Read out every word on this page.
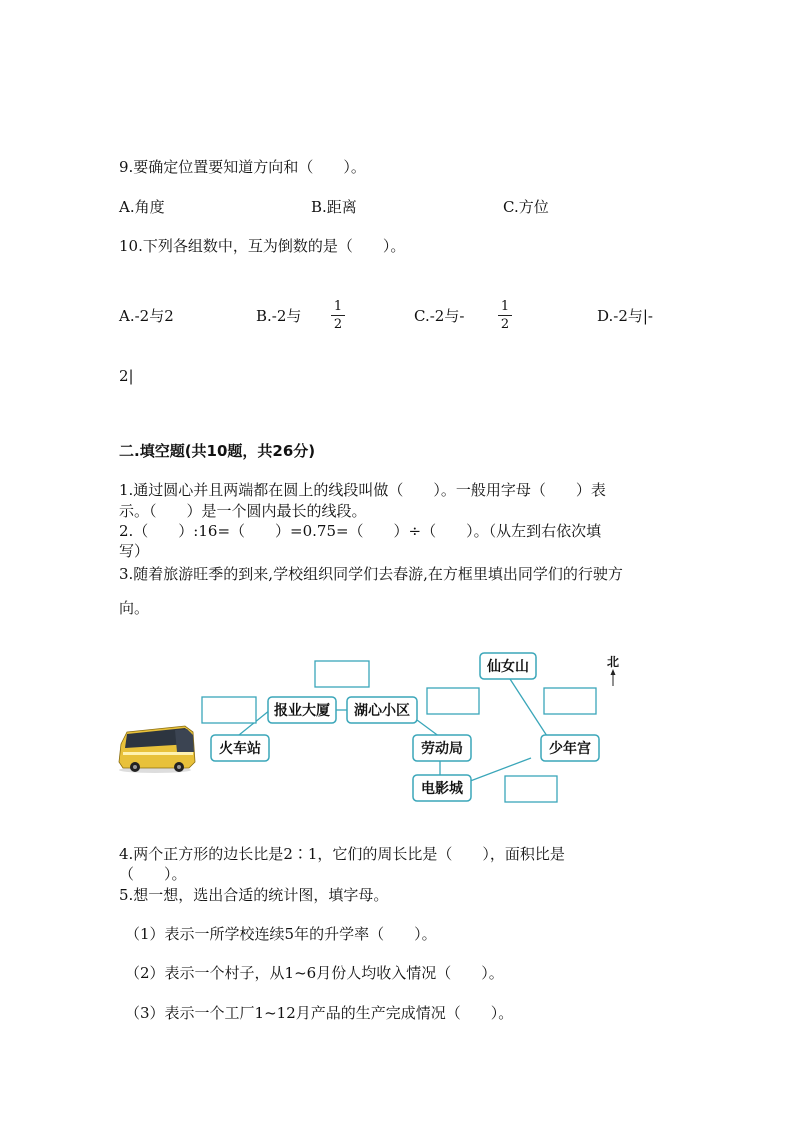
9.要确定位置要知道方向和（　　）。
A.角度	B.距离	C.方位
10.下列各组数中，互为倒数的是（　　）。
A.-2与2	B.-2与
1
2	C.-2与-
1
2	D.-2与|-
2|
二.填空题(共10题，共26分)
1.通过圆心并且两端都在圆上的线段叫做（　　）。一般用字母（　　）表
示。（　　）是一个圆内最长的线段。
2.（　　）:16=（　　）=0.75=（　　）÷（　　）。（从左到右依次填
写）
3.随着旅游旺季的到来,学校组织同学们去春游,在方框里填出同学们的行驶方
向。
仙女山
报业大厦 湖心小区
火车站	劳动局	少年宫
电影城
北
4.两个正方形的边长比是2∶1，它们的周长比是（　　），面积比是
（　　）。
5.想一想，选出合适的统计图，填字母。
（1）表示一所学校连续5年的升学率（　　）。
（2）表示一个村子，从1~6月份人均收入情况（　　）。
（3）表示一个工厂1~12月产品的生产完成情况（　　）。
